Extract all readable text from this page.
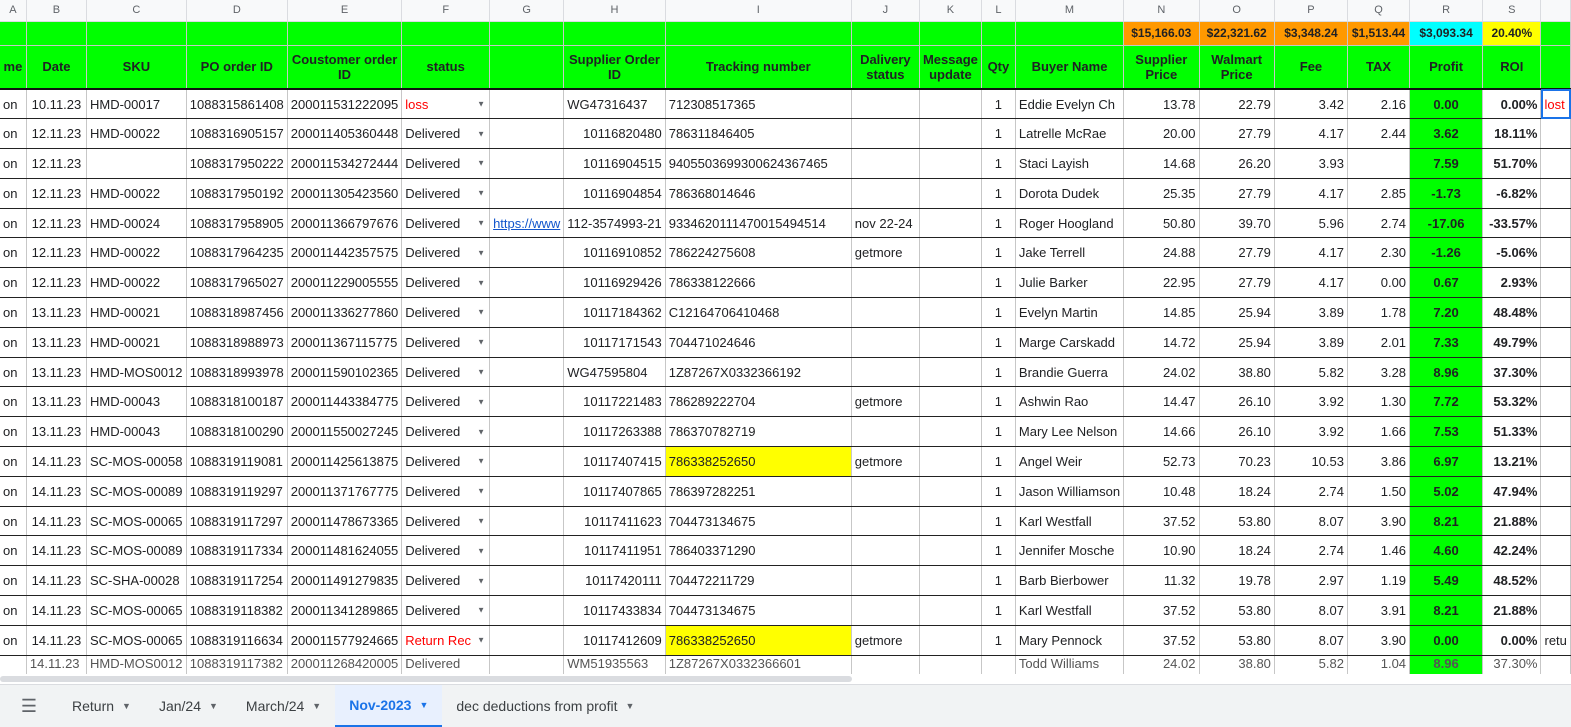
A	B	C	D	E	F	G	H	I	J	K	L	M	N	O	P	Q	R	S	
													$15,166.03	$22,321.62	$3,348.24	$1,513.44	$3,093.34	20.40%	
me	Date	SKU	PO order ID	Coustomer order ID	status		Supplier Order ID	Tracking number	Dalivery status	Message update	Qty	Buyer Name	Supplier Price	Walmart Price	Fee	TAX	Profit	ROI	
on	10.11.23	HMD-00017	1088315861408	200011531222095	loss ▼		WG47316437	712308517365			1	Eddie Evelyn Ch	13.78	22.79	3.42	2.16	0.00	0.00%	lost
on	12.11.23	HMD-00022	1088316905157	200011405360448	Delivered ▼		10116820480	786311846405			1	Latrelle McRae	20.00	27.79	4.17	2.44	3.62	18.11%	
on	12.11.23		1088317950222	200011534272444	Delivered ▼		10116904515	9405503699300624367465			1	Staci Layish	14.68	26.20	3.93		7.59	51.70%	
on	12.11.23	HMD-00022	1088317950192	200011305423560	Delivered ▼		10116904854	786368014646			1	Dorota Dudek	25.35	27.79	4.17	2.85	-1.73	-6.82%	
on	12.11.23	HMD-00024	1088317958905	200011366797676	Delivered ▼	https://www	112-3574993-21	9334620111470015494514	nov 22-24		1	Roger Hoogland	50.80	39.70	5.96	2.74	-17.06	-33.57%	
on	12.11.23	HMD-00022	1088317964235	200011442357575	Delivered ▼		10116910852	786224275608	getmore		1	Jake Terrell	24.88	27.79	4.17	2.30	-1.26	-5.06%	
on	12.11.23	HMD-00022	1088317965027	200011229005555	Delivered ▼		10116929426	786338122666			1	Julie Barker	22.95	27.79	4.17	0.00	0.67	2.93%	
on	13.11.23	HMD-00021	1088318987456	200011336277860	Delivered ▼		10117184362	C12164706410468			1	Evelyn Martin	14.85	25.94	3.89	1.78	7.20	48.48%	
on	13.11.23	HMD-00021	1088318988973	200011367115775	Delivered ▼		10117171543	704471024646			1	Marge Carskadd	14.72	25.94	3.89	2.01	7.33	49.79%	
on	13.11.23	HMD-MOS0012	1088318993978	200011590102365	Delivered ▼		WG47595804	1Z87267X0332366192			1	Brandie Guerra	24.02	38.80	5.82	3.28	8.96	37.30%	
on	13.11.23	HMD-00043	1088318100187	200011443384775	Delivered ▼		10117221483	786289222704	getmore		1	Ashwin Rao	14.47	26.10	3.92	1.30	7.72	53.32%	
on	13.11.23	HMD-00043	1088318100290	200011550027245	Delivered ▼		10117263388	786370782719			1	Mary Lee Nelson	14.66	26.10	3.92	1.66	7.53	51.33%	
on	14.11.23	SC-MOS-00058	1088319119081	200011425613875	Delivered ▼		10117407415	786338252650	getmore		1	Angel Weir	52.73	70.23	10.53	3.86	6.97	13.21%	
on	14.11.23	SC-MOS-00089	1088319119297	200011371767775	Delivered ▼		10117407865	786397282251			1	Jason Williamson	10.48	18.24	2.74	1.50	5.02	47.94%	
on	14.11.23	SC-MOS-00065	1088319117297	200011478673365	Delivered ▼		10117411623	704473134675			1	Karl Westfall	37.52	53.80	8.07	3.90	8.21	21.88%	
on	14.11.23	SC-MOS-00089	1088319117334	200011481624055	Delivered ▼		10117411951	786403371290			1	Jennifer Mosche	10.90	18.24	2.74	1.46	4.60	42.24%	
on	14.11.23	SC-SHA-00028	1088319117254	200011491279835	Delivered ▼		10117420111	704472211729			1	Barb Bierbower	11.32	19.78	2.97	1.19	5.49	48.52%	
on	14.11.23	SC-MOS-00065	1088319118382	200011341289865	Delivered ▼		10117433834	704473134675			1	Karl Westfall	37.52	53.80	8.07	3.91	8.21	21.88%	
on	14.11.23	SC-MOS-00065	1088319116634	200011577924665	Return Rec ▼		10117412609	786338252650	getmore		1	Mary Pennock	37.52	53.80	8.07	3.90	0.00	0.00%	retu
	14.11.23	HMD-MOS0012	1088319117382	200011268420005	Delivered		WM51935563	1Z87267X0332366601				Todd Williams	24.02	38.80	5.82	1.04	8.96	37.30%	
☰	Return ▼ Jan/24 ▼ March/24 ▼ Nov-2023 ▼ dec deductions from profit ▼
